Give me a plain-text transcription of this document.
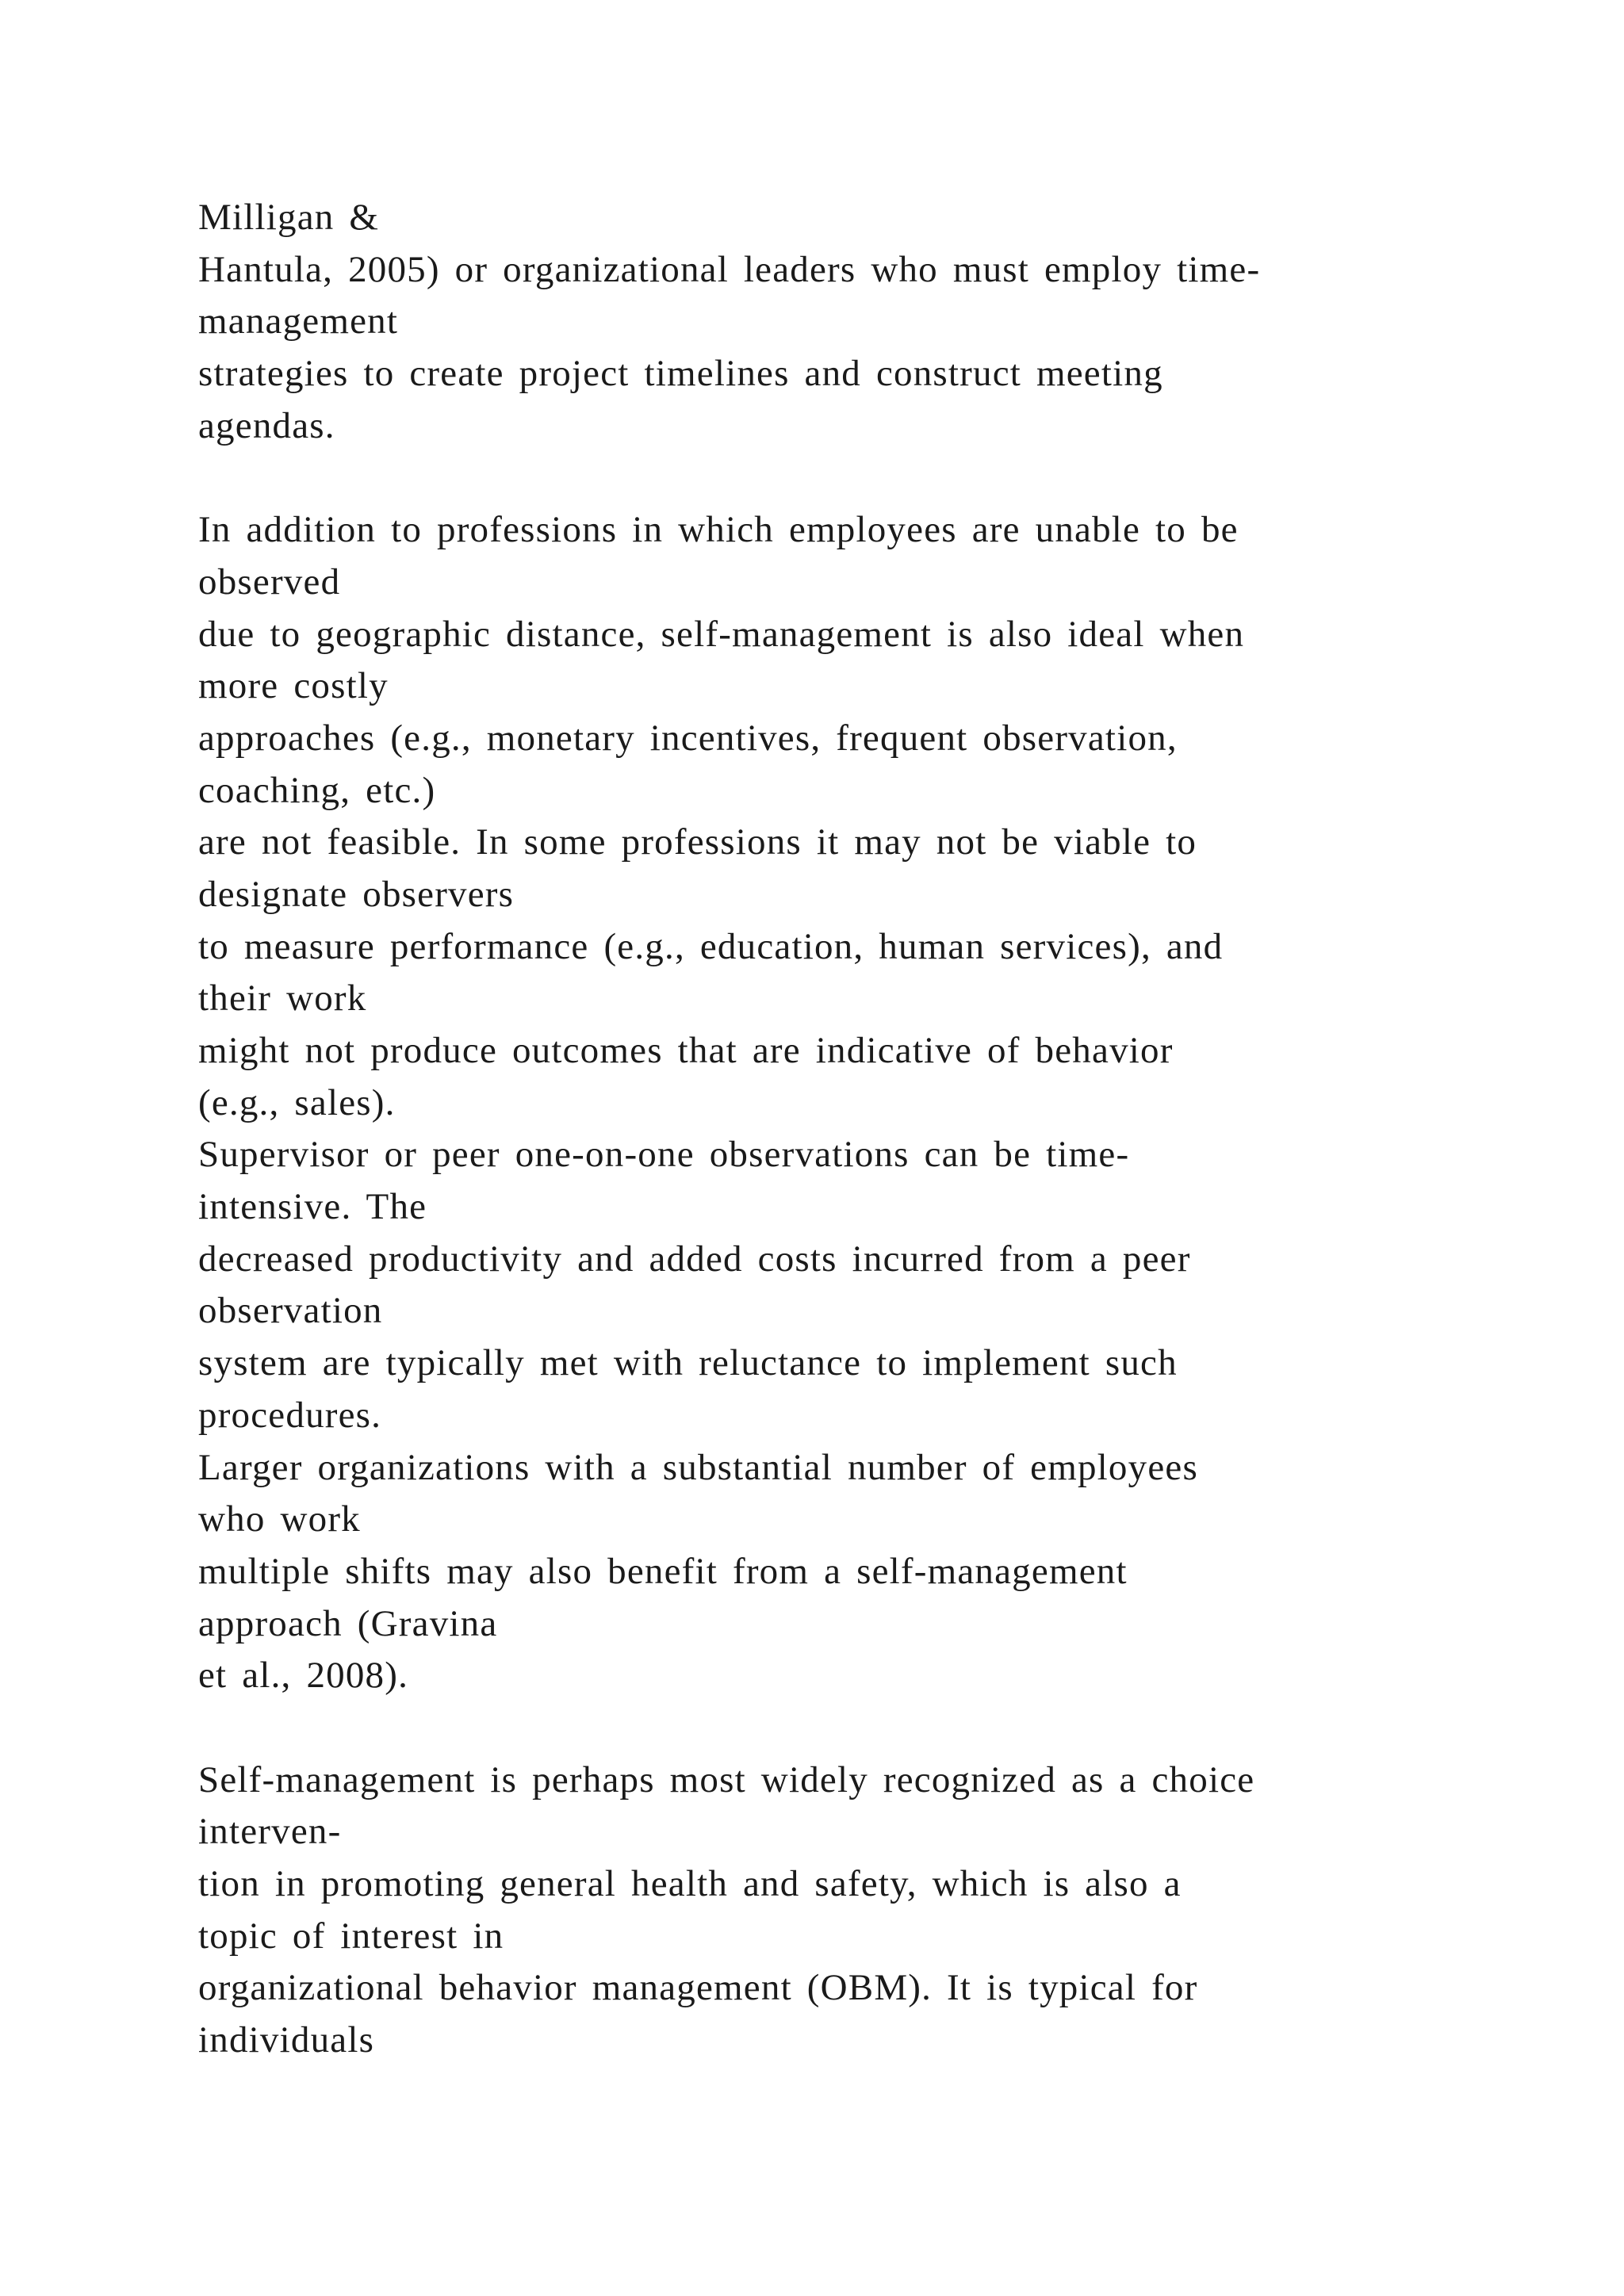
Milligan &
Hantula, 2005) or organizational leaders who must employ time-
management
strategies to create project timelines and construct meeting
agendas.
In addition to professions in which employees are unable to be
observed
due to geographic distance, self-management is also ideal when
more costly
approaches (e.g., monetary incentives, frequent observation,
coaching, etc.)
are not feasible. In some professions it may not be viable to
designate observers
to measure performance (e.g., education, human services), and
their work
might not produce outcomes that are indicative of behavior
(e.g., sales).
Supervisor or peer one-on-one observations can be time-
intensive. The
decreased productivity and added costs incurred from a peer
observation
system are typically met with reluctance to implement such
procedures.
Larger organizations with a substantial number of employees
who work
multiple shifts may also benefit from a self-management
approach (Gravina
et al., 2008).
Self-management is perhaps most widely recognized as a choice
interven-
tion in promoting general health and safety, which is also a
topic of interest in
organizational behavior management (OBM). It is typical for
individuals
